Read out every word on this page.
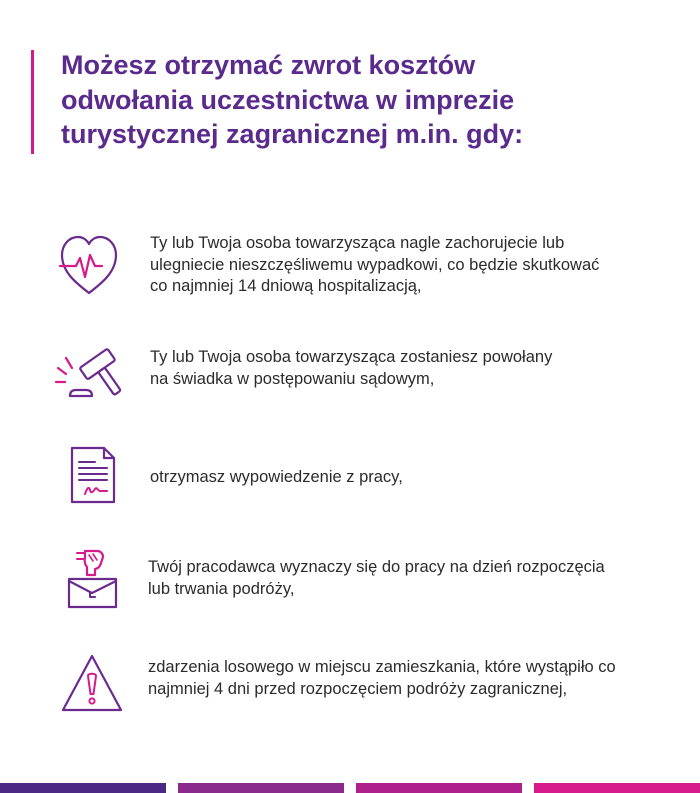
Możesz otrzymać zwrot kosztów
odwołania uczestnictwa w imprezie
turystycznej zagranicznej m.in. gdy:

Ty lub Twoja osoba towarzysząca nagle zachorujecie lub
ulegniecie nieszczęśliwemu wypadkowi, co będzie skutkować
co najmniej 14 dniową hospitalizacją,

Ty lub Twoja osoba towarzysząca zostaniesz powołany
na świadka w postępowaniu sądowym,

otrzymasz wypowiedzenie z pracy,

Twój pracodawca wyznaczy się do pracy na dzień rozpoczęcia
lub trwania podróży,

zdarzenia losowego w miejscu zamieszkania, które wystąpiło co
najmniej 4 dni przed rozpoczęciem podróży zagranicznej,
